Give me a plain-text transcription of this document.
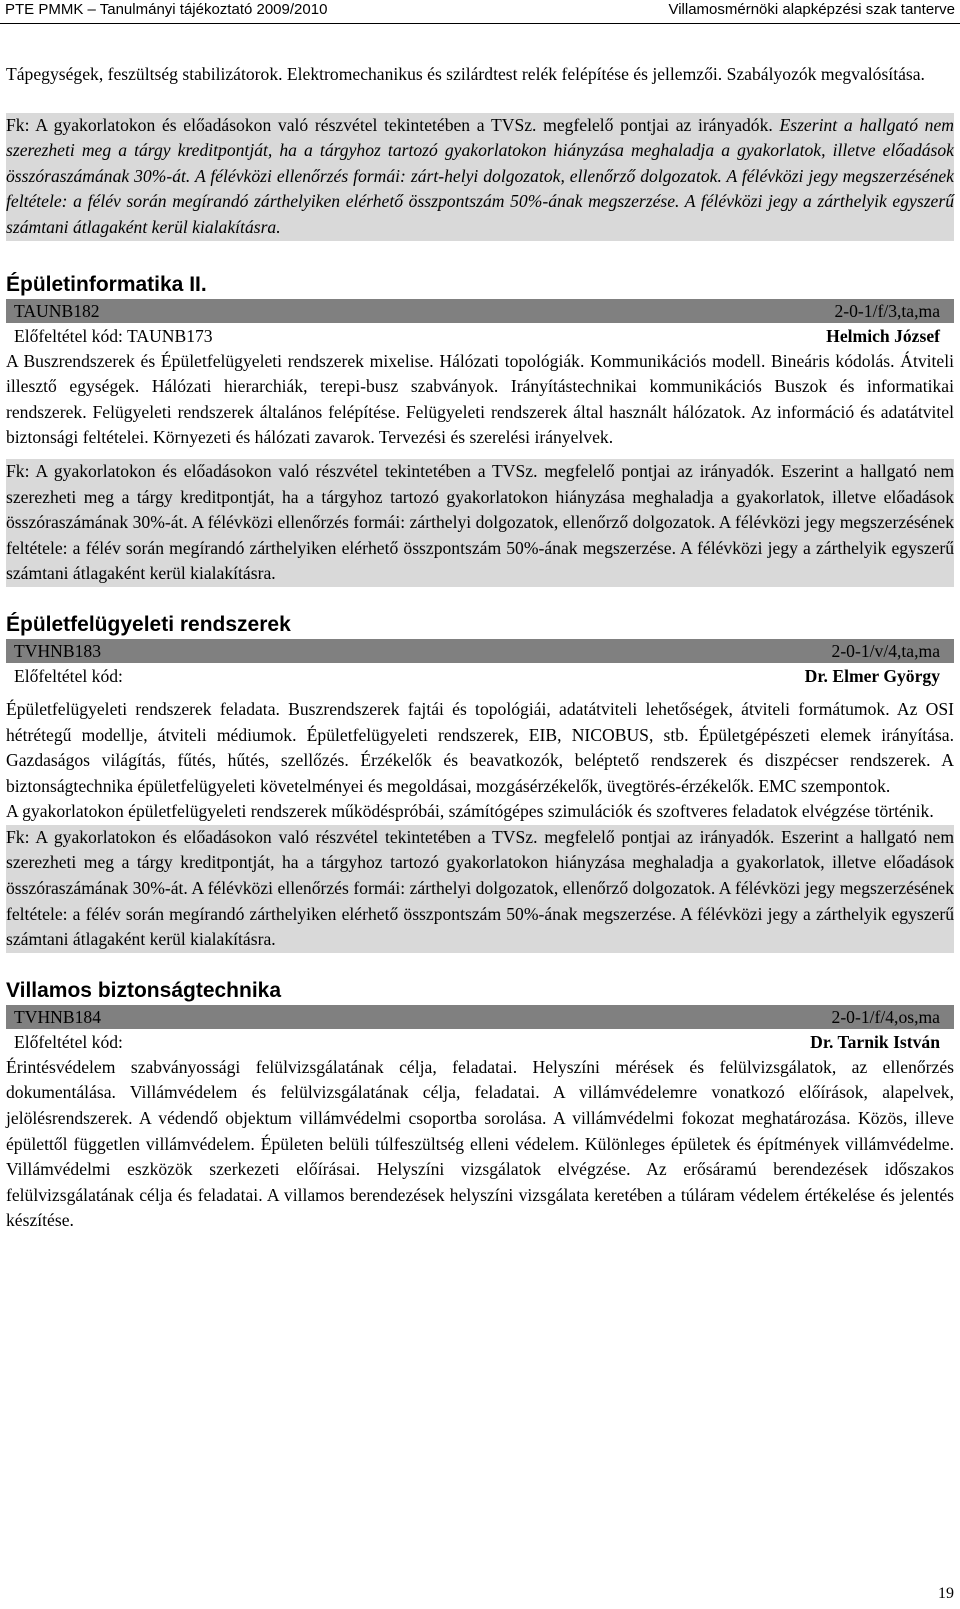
PTE PMMK – Tanulmányi tájékoztató 2009/2010	Villamosmérnöki alapképzési szak tanterve

Tápegységek, feszültség stabilizátorok. Elektromechanikus és szilárdtest relék felépítése és jellemzői. Szabályozók megvalósítása.

Fk: A gyakorlatokon és előadásokon való részvétel tekintetében a TVSz. megfelelő pontjai az irányadók. Eszerint a hallgató nem szerezheti meg a tárgy kreditpontját, ha a tárgyhoz tartozó gyakorlatokon hiányzása meghaladja a gyakorlatok, illetve előadások összóraszámának 30%-át. A félévközi ellenőrzés formái: zárt-helyi dolgozatok, ellenőrző dolgozatok. A félévközi jegy megszerzésének feltétele: a félév során megírandó zárthelyiken elérhető összpontszám 50%-ának megszerzése. A félévközi jegy a zárthelyik egyszerű számtani átlagaként kerül kialakításra.

Épületinformatika II.
TAUNB182	2-0-1/f/3,ta,ma
Előfeltétel kód: TAUNB173	Helmich József

A Buszrendszerek és Épületfelügyeleti rendszerek mixelise. Hálózati topológiák. Kommunikációs modell. Bineáris kódolás. Átviteli illesztő egységek. Hálózati hierarchiák, terepi-busz szabványok. Irányítástechnikai kommunikációs Buszok és informatikai rendszerek. Felügyeleti rendszerek általános felépítése. Felügyeleti rendszerek által használt hálózatok. Az információ és adatátvitel biztonsági feltételei. Környezeti és hálózati zavarok. Tervezési és szerelési irányelvek.

Fk: A gyakorlatokon és előadásokon való részvétel tekintetében a TVSz. megfelelő pontjai az irányadók. Eszerint a hallgató nem szerezheti meg a tárgy kreditpontját, ha a tárgyhoz tartozó gyakorlatokon hiányzása meghaladja a gyakorlatok, illetve előadások összóraszámának 30%-át. A félévközi ellenőrzés formái: zárthelyi dolgozatok, ellenőrző dolgozatok. A félévközi jegy megszerzésének feltétele: a félév során megírandó zárthelyiken elérhető összpontszám 50%-ának megszerzése. A félévközi jegy a zárthelyik egyszerű számtani átlagaként kerül kialakításra.

Épületfelügyeleti rendszerek
TVHNB183	2-0-1/v/4,ta,ma
Előfeltétel kód:	Dr. Elmer György

Épületfelügyeleti rendszerek feladata. Buszrendszerek fajtái és topológiái, adatátviteli lehetőségek, átviteli formátumok. Az OSI hétrétegű modellje, átviteli médiumok. Épületfelügyeleti rendszerek, EIB, NICOBUS, stb. Épületgépészeti elemek irányítása. Gazdaságos világítás, fűtés, hűtés, szellőzés. Érzékelők és beavatkozók, beléptető rendszerek és diszpécser rendszerek. A biztonságtechnika épületfelügyeleti követelményei és megoldásai, mozgásérzékelők, üvegtörés-érzékelők. EMC szempontok.

A gyakorlatokon épületfelügyeleti rendszerek működéspróbái, számítógépes szimulációk és szoftveres feladatok elvégzése történik.

Fk: A gyakorlatokon és előadásokon való részvétel tekintetében a TVSz. megfelelő pontjai az irányadók. Eszerint a hallgató nem szerezheti meg a tárgy kreditpontját, ha a tárgyhoz tartozó gyakorlatokon hiányzása meghaladja a gyakorlatok, illetve előadások összóraszámának 30%-át. A félévközi ellenőrzés formái: zárthelyi dolgozatok, ellenőrző dolgozatok. A félévközi jegy megszerzésének feltétele: a félév során megírandó zárthelyiken elérhető összpontszám 50%-ának megszerzése. A félévközi jegy a zárthelyik egyszerű számtani átlagaként kerül kialakításra.

Villamos biztonságtechnika
TVHNB184	2-0-1/f/4,os,ma
Előfeltétel kód:	Dr. Tarnik István

Érintésvédelem szabványossági felülvizsgálatának célja, feladatai. Helyszíni mérések és felülvizsgálatok, az ellenőrzés dokumentálása. Villámvédelem és felülvizsgálatának célja, feladatai. A villámvédelemre vonatkozó előírások, alapelvek, jelölésrendszerek. A védendő objektum villámvédelmi csoportba sorolása. A villámvédelmi fokozat meghatározása. Közös, illeve épülettől független villámvédelem. Épületen belüli túlfeszültség elleni védelem. Különleges épületek és építmények villámvédelme. Villámvédelmi eszközök szerkezeti előírásai. Helyszíni vizsgálatok elvégzése. Az erősáramú berendezések időszakos felülvizsgálatának célja és feladatai. A villamos berendezések helyszíni vizsgálata keretében a túláram védelem értékelése és jelentés készítése.

19
